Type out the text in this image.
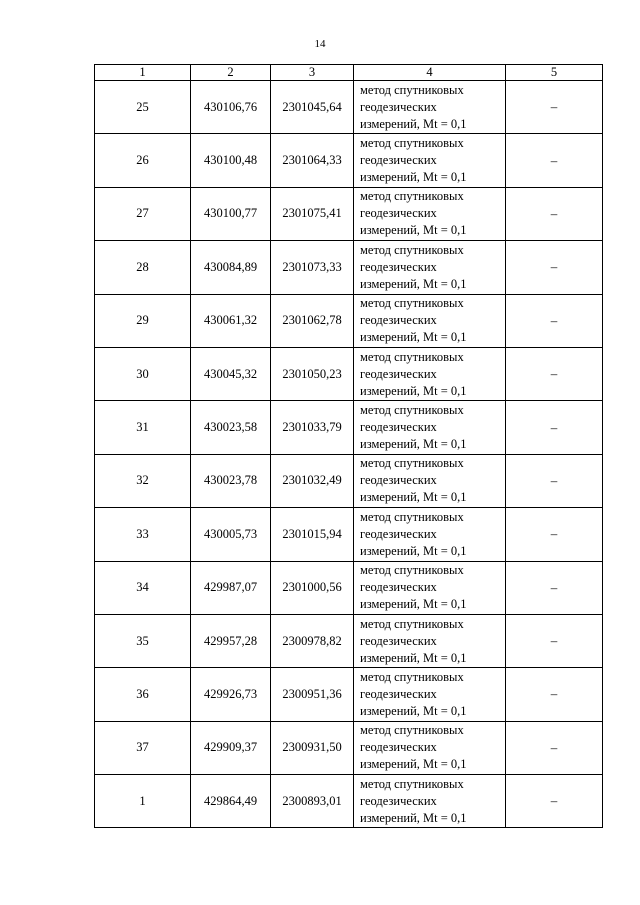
14
1	2	3	4	5
25	430106,76	2301045,64	метод спутниковых
геодезических
измерений, Mt = 0,1	–
26	430100,48	2301064,33	метод спутниковых
геодезических
измерений, Mt = 0,1	–
27	430100,77	2301075,41	метод спутниковых
геодезических
измерений, Mt = 0,1	–
28	430084,89	2301073,33	метод спутниковых
геодезических
измерений, Mt = 0,1	–
29	430061,32	2301062,78	метод спутниковых
геодезических
измерений, Mt = 0,1	–
30	430045,32	2301050,23	метод спутниковых
геодезических
измерений, Mt = 0,1	–
31	430023,58	2301033,79	метод спутниковых
геодезических
измерений, Mt = 0,1	–
32	430023,78	2301032,49	метод спутниковых
геодезических
измерений, Mt = 0,1	–
33	430005,73	2301015,94	метод спутниковых
геодезических
измерений, Mt = 0,1	–
34	429987,07	2301000,56	метод спутниковых
геодезических
измерений, Mt = 0,1	–
35	429957,28	2300978,82	метод спутниковых
геодезических
измерений, Mt = 0,1	–
36	429926,73	2300951,36	метод спутниковых
геодезических
измерений, Mt = 0,1	–
37	429909,37	2300931,50	метод спутниковых
геодезических
измерений, Mt = 0,1	–
1	429864,49	2300893,01	метод спутниковых
геодезических
измерений, Mt = 0,1	–
